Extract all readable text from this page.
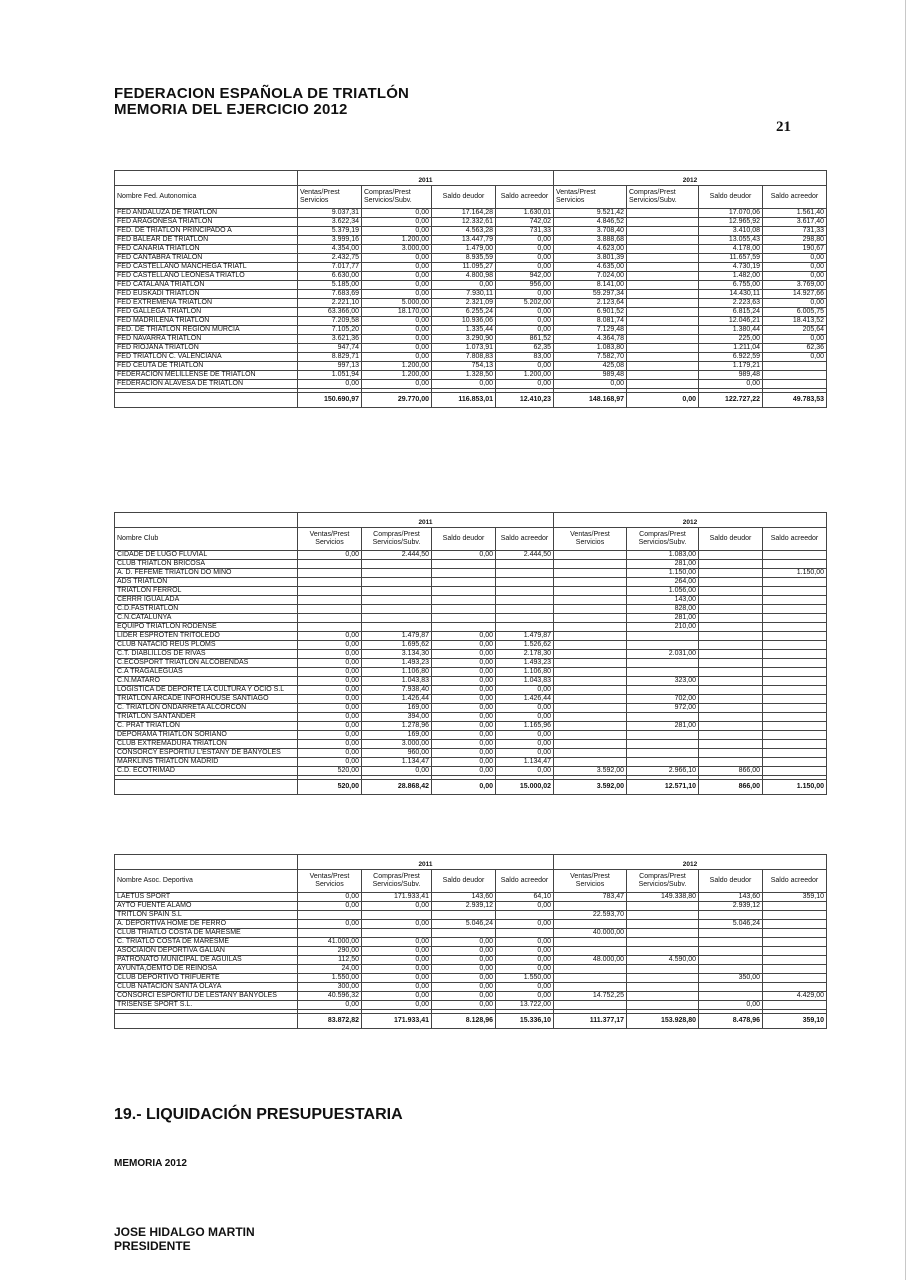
FEDERACION ESPAÑOLA DE TRIATLÓN
MEMORIA DEL EJERCICIO 2012
21
	2011				2012			
Nombre Fed. Autonomica	Ventas/Prest Servicios	Compras/Prest Servicios/Subv.	Saldo deudor	Saldo acreedor	Ventas/Prest Servicios	Compras/Prest Servicios/Subv.	Saldo deudor	Saldo acreedor
FED ANDALUZA DE TRIATLON	9.037,31	0,00	17.164,28	1.630,01	9.521,42		17.070,06	1.561,40
FED ARAGONESA TRIATLON	3.622,34	0,00	12.332,61	742,02	4.846,52		12.965,92	3.617,40
FED. DE TRIATLON PRINCIPADO A	5.379,19	0,00	4.563,28	731,33	3.708,40		3.410,08	731,33
FED BALEAR DE TRIATLON	3.999,16	1.200,00	13.447,79	0,00	3.888,68		13.055,43	298,80
FED CANARIA TRIATLON	4.354,00	3.000,00	1.479,00	0,00	4.623,00		4.178,00	190,67
FED CANTABRA TRIALON	2.432,75	0,00	8.935,59	0,00	3.801,39		11.657,59	0,00
FED CASTELLANO MANCHEGA TRIATL	7.017,77	0,00	11.095,27	0,00	4.635,00		4.730,19	0,00
FED CASTELLANO LEONESA TRIATLO	6.630,00	0,00	4.800,98	942,00	7.024,00		1.482,00	0,00
FED CATALANA TRIATLON	5.185,00	0,00	0,00	956,00	8.141,00		6.755,00	3.769,00
FED EUSKADI TRIATLON	7.683,69	0,00	7.930,11	0,00	59.297,34		14.430,11	14.927,66
FED EXTREMEÑA TRIATLON	2.221,10	5.000,00	2.321,09	5.202,00	2.123,64		2.223,63	0,00
FED GALLEGA TRIATLON	63.366,00	18.170,00	6.255,24	0,00	6.901,52		6.815,24	6.005,75
FED MADRILEÑA TRIATLON	7.209,58	0,00	10.936,06	0,00	8.081,74		12.046,21	18.413,52
FED. DE TRIATLON REGION MURCIA	7.105,20	0,00	1.335,44	0,00	7.129,48		1.380,44	205,64
FED NAVARRA TRIATLON	3.621,36	0,00	3.290,90	861,52	4.364,78		225,00	0,00
FED RIOJANA TRIATLON	947,74	0,00	1.073,91	62,35	1.083,80		1.211,04	62,36
FED TRIATLON C. VALENCIANA	8.829,71	0,00	7.808,83	83,00	7.582,70		6.922,59	0,00
FED CEUTA DE TRIATLON	997,13	1.200,00	754,13	0,00	425,08		1.179,21	
FEDERACION MELILLENSE DE TRIATLON	1.051,94	1.200,00	1.328,50	1.200,00	989,48		989,48	
FEDERACION ALAVESA DE TRIATLON	0,00	0,00	0,00	0,00	0,00		0,00	

	150.690,97	29.770,00	116.853,01	12.410,23	148.168,97	0,00	122.727,22	49.783,53
	2011				2012			
Nombre Club	Ventas/Prest Servicios	Compras/Prest Servicios/Subv.	Saldo deudor	Saldo acreedor	Ventas/Prest Servicios	Compras/Prest Servicios/Subv.	Saldo deudor	Saldo acreedor
CIDADE DE LUGO FLUVIAL	0,00	2.444,50	0,00	2.444,50		1.083,00		
CLUB TRIATLÓN BRICOSA						281,00		
A. D. FEFEME TRIATLON DO MIÑO						1.150,00		1.150,00
ADS TRIATLON						264,00		
TRIATLON FERROL						1.056,00		
CERRR IGUALADA						143,00		
C.D.FASTRIATLON						828,00		
C.N.CATALUNYA						281,00		
EQUIPO TRIATLON RODENSE						210,00		
LIDER ESPROTEN TRITOLEDO	0,00	1.479,87	0,00	1.479,87				
CLUB NATACIÓ REUS PLOMS	0,00	1.695,62	0,00	1.526,62				
C.T. DIABLILLOS DE RIVAS	0,00	3.134,30	0,00	2.178,30		2.031,00		
C.ECOSPORT TRIATLÓN ALCOBENDAS	0,00	1.493,23	0,00	1.493,23				
C.A TRAGALEGUAS	0,00	1.106,80	0,00	1.106,80				
C.N.MATARO	0,00	1.043,83	0,00	1.043,83		323,00		
LOGISTICA DE DEPORTE LA CULTURA Y OCIO S.L	0,00	7.938,40	0,00	0,00				
TRIATLON ARCADE INFORHOUSE SANTIAGO	0,00	1.426,44	0,00	1.426,44		702,00		
C. TRIATLÓN ONDARRETA ALCORCÓN	0,00	169,00	0,00	0,00		972,00		
TRIATLON SANTANDER	0,00	394,00	0,00	0,00				
C. PRAT TRIATLON	0,00	1.278,96	0,00	1.165,96		281,00		
DEPORAMA TRIATLON SORIANO	0,00	169,00	0,00	0,00				
CLUB EXTREMADURA TRIATLON	0,00	3.000,00	0,00	0,00				
CONSORCY ESPORTIU L'ESTANY DE BANYOLES	0,00	960,00	0,00	0,00				
MARKLINS TRIATLON MADRID	0,00	1.134,47	0,00	1.134,47				
C.D. ECOTRIMAD	520,00	0,00	0,00	0,00	3.592,00	2.966,10	866,00	

	520,00	28.868,42	0,00	15.000,02	3.592,00	12.571,10	866,00	1.150,00
	2011				2012			
Nombre Asoc. Deportiva	Ventas/Prest Servicios	Compras/Prest Servicios/Subv.	Saldo deudor	Saldo acreedor	Ventas/Prest Servicios	Compras/Prest Servicios/Subv.	Saldo deudor	Saldo acreedor
LAETUS SPORT	0,00	171.933,41	143,60	64,10	783,47	149.338,80	143,60	359,10
AYTO FUENTE ALAMO	0,00	0,00	2.939,12	0,00			2.939,12	
TRITLON SPAIN S.L					22.593,70			
A. DEPORTIVA HOME DE FERRO	0,00	0,00	5.046,24	0,00			5.046,24	
CLUB TRIATLÓ COSTA DE MARESME					40.000,00			
C. TRIATLO COSTA DE MARESME	41.000,00	0,00	0,00	0,00				
ASOCIAION DEPORTIVA GALIAN	290,00	0,00	0,00	0,00				
PATRONATO MUNICIPAL DE AGUILAS	112,50	0,00	0,00	0,00	48.000,00	4.590,00		
AYUNTA,OEMTO DE REINOSA	24,00	0,00	0,00	0,00				
CLUB DEPORTIVO TRIFUERTE	1.550,00	0,00	0,00	1.550,00			350,00	
CLUB NATACION SANTA OLAYA	300,00	0,00	0,00	0,00				
CONSORCI ESPORTIU DE LÉSTANY BANYOLES	40.596,32	0,00	0,00	0,00	14.752,25			4.429,00
TRISENSE SPORT S.L.	0,00	0,00	0,00	13.722,00			0,00	

	83.872,82	171.933,41	8.128,96	15.336,10	111.377,17	153.928,80	8.478,96	359,10
19.- LIQUIDACIÓN PRESUPUESTARIA
MEMORIA 2012
JOSE HIDALGO MARTIN
PRESIDENTE
